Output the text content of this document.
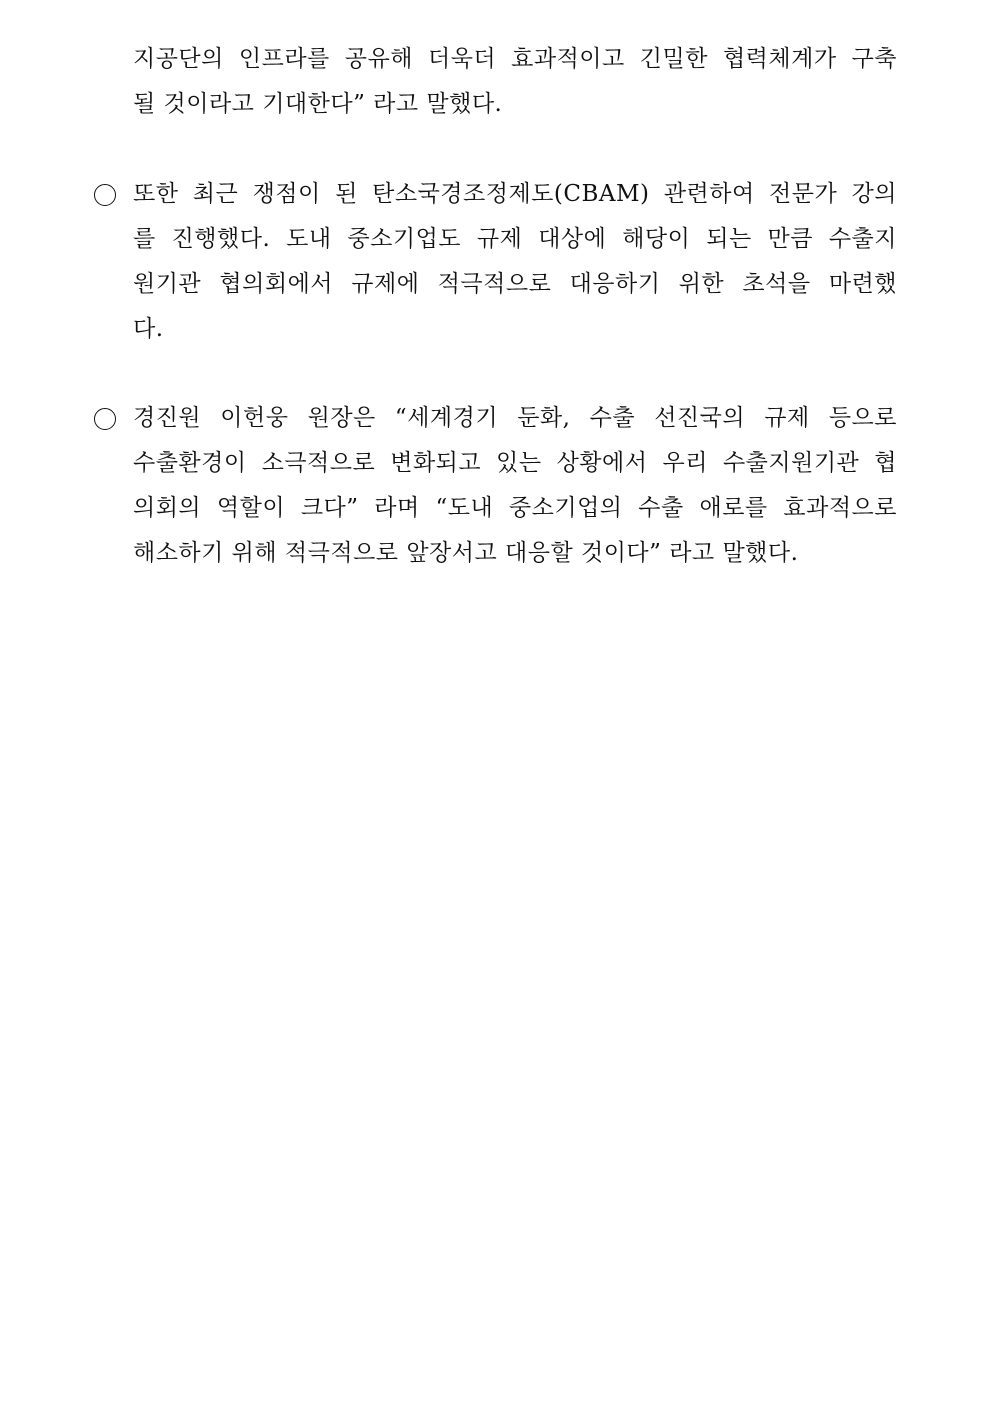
지공단의 인프라를 공유해 더욱더 효과적이고 긴밀한 협력체계가 구축
될 것이라고 기대한다” 라고 말했다.
또한 최근 쟁점이 된 탄소국경조정제도(CBAM) 관련하여 전문가 강의
를 진행했다. 도내 중소기업도 규제 대상에 해당이 되는 만큼 수출지
원기관 협의회에서 규제에 적극적으로 대응하기 위한 초석을 마련했
다.
경진원 이헌웅 원장은 “세계경기 둔화, 수출 선진국의 규제 등으로
수출환경이 소극적으로 변화되고 있는 상황에서 우리 수출지원기관 협
의회의 역할이 크다” 라며 “도내 중소기업의 수출 애로를 효과적으로
해소하기 위해 적극적으로 앞장서고 대응할 것이다” 라고 말했다.
